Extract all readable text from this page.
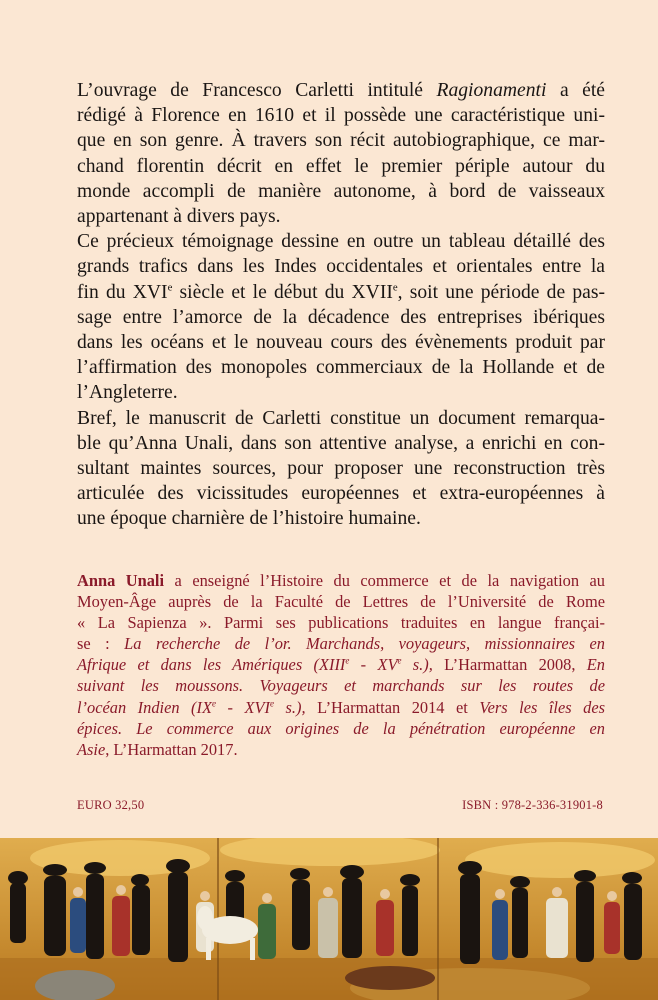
L’ouvrage de Francesco Carletti intitulé Ragionamenti a été
rédigé à Florence en 1610 et il possède une caractéristique uni-
que en son genre. À travers son récit autobiographique, ce mar-
chand florentin décrit en effet le premier périple autour du
monde accompli de manière autonome, à bord de vaisseaux
appartenant à divers pays.
Ce précieux témoignage dessine en outre un tableau détaillé des
grands trafics dans les Indes occidentales et orientales entre la
fin du XVIe siècle et le début du XVIIe, soit une période de pas-
sage entre l’amorce de la décadence des entreprises ibériques
dans les océans et le nouveau cours des évènements produit par
l’affirmation des monopoles commerciaux de la Hollande et de
l’Angleterre.
Bref, le manuscrit de Carletti constitue un document remarqua-
ble qu’Anna Unali, dans son attentive analyse, a enrichi en con-
sultant maintes sources, pour proposer une reconstruction très
articulée des vicissitudes européennes et extra-européennes à
une époque charnière de l’histoire humaine.
Anna Unali a enseigné l’Histoire du commerce et de la navigation au
Moyen-Âge auprès de la Faculté de Lettres de l’Université de Rome
« La Sapienza ». Parmi ses publications traduites en langue françai-
se : La recherche de l’or. Marchands, voyageurs, missionnaires en
Afrique et dans les Amériques (XIIIe - XVe s.), L’Harmattan 2008, En
suivant les moussons. Voyageurs et marchands sur les routes de
l’océan Indien (IXe - XVIe s.), L’Harmattan 2014 et Vers les îles des
épices. Le commerce aux origines de la pénétration européenne en
Asie, L’Harmattan 2017.
EURO 32,50	ISBN : 978-2-336-31901-8
